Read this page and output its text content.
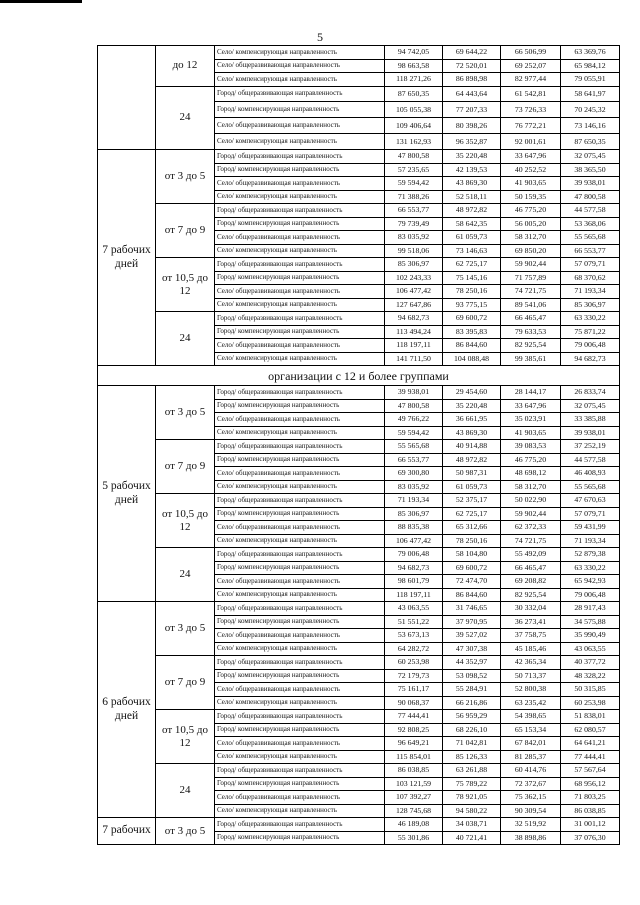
5
	до 12	Село/ компенсирующая направленность	94 742,05	69 644,22	66 506,99	63 369,76
		Село/ общеразвивающая направленность	98 663,58	72 520,01	69 252,07	65 984,12
		Село/ компенсирующая направленность	118 271,26	86 898,98	82 977,44	79 055,91
	24	Город/ общеразвивающая направленность	87 650,35	64 443,64	61 542,81	58 641,97
		Город/ компенсирующая направленность	105 055,38	77 207,33	73 726,33	70 245,32
		Село/ общеразвивающая направленность	109 406,64	80 398,26	76 772,21	73 146,16
		Село/ компенсирующая направленность	131 162,93	96 352,87	92 001,61	87 650,35
7 рабочих дней	от 3 до 5	Город/ общеразвивающая направленность	47 800,58	35 220,48	33 647,96	32 075,45
		Город/ компенсирующая направленность	57 235,65	42 139,53	40 252,52	38 365,50
		Село/ общеразвивающая направленность	59 594,42	43 869,30	41 903,65	39 938,01
		Село/ компенсирующая направленность	71 388,26	52 518,11	50 159,35	47 800,58
	от 7 до 9	Город/ общеразвивающая направленность	66 553,77	48 972,82	46 775,20	44 577,58
		Город/ компенсирующая направленность	79 739,49	58 642,35	56 005,20	53 368,06
		Село/ общеразвивающая направленность	83 035,92	61 059,73	58 312,70	55 565,68
		Село/ компенсирующая направленность	99 518,06	73 146,63	69 850,20	66 553,77
	от 10,5 до 12	Город/ общеразвивающая направленность	85 306,97	62 725,17	59 902,44	57 079,71
		Город/ компенсирующая направленность	102 243,33	75 145,16	71 757,89	68 370,62
		Село/ общеразвивающая направленность	106 477,42	78 250,16	74 721,75	71 193,34
		Село/ компенсирующая направленность	127 647,86	93 775,15	89 541,06	85 306,97
	24	Город/ общеразвивающая направленность	94 682,73	69 600,72	66 465,47	63 330,22
		Город/ компенсирующая направленность	113 494,24	83 395,83	79 633,53	75 871,22
		Село/ общеразвивающая направленность	118 197,11	86 844,60	82 925,54	79 006,48
		Село/ компенсирующая направленность	141 711,50	104 088,48	99 385,61	94 682,73
организации с 12 и более группами						
5 рабочих дней	от 3 до 5	Город/ общеразвивающая направленность	39 938,01	29 454,60	28 144,17	26 833,74
		Город/ компенсирующая направленность	47 800,58	35 220,48	33 647,96	32 075,45
		Село/ общеразвивающая направленность	49 766,22	36 661,95	35 023,91	33 385,88
		Село/ компенсирующая направленность	59 594,42	43 869,30	41 903,65	39 938,01
	от 7 до 9	Город/ общеразвивающая направленность	55 565,68	40 914,88	39 083,53	37 252,19
		Город/ компенсирующая направленность	66 553,77	48 972,82	46 775,20	44 577,58
		Село/ общеразвивающая направленность	69 300,80	50 987,31	48 698,12	46 408,93
		Село/ компенсирующая направленность	83 035,92	61 059,73	58 312,70	55 565,68
	от 10,5 до 12	Город/ общеразвивающая направленность	71 193,34	52 375,17	50 022,90	47 670,63
		Город/ компенсирующая направленность	85 306,97	62 725,17	59 902,44	57 079,71
		Село/ общеразвивающая направленность	88 835,38	65 312,66	62 372,33	59 431,99
		Село/ компенсирующая направленность	106 477,42	78 250,16	74 721,75	71 193,34
	24	Город/ общеразвивающая направленность	79 006,48	58 104,80	55 492,09	52 879,38
		Город/ компенсирующая направленность	94 682,73	69 600,72	66 465,47	63 330,22
		Село/ общеразвивающая направленность	98 601,79	72 474,70	69 208,82	65 942,93
		Село/ компенсирующая направленность	118 197,11	86 844,60	82 925,54	79 006,48
6 рабочих дней	от 3 до 5	Город/ общеразвивающая направленность	43 063,55	31 746,65	30 332,04	28 917,43
		Город/ компенсирующая направленность	51 551,22	37 970,95	36 273,41	34 575,88
		Село/ общеразвивающая направленность	53 673,13	39 527,02	37 758,75	35 990,49
		Село/ компенсирующая направленность	64 282,72	47 307,38	45 185,46	43 063,55
	от 7 до 9	Город/ общеразвивающая направленность	60 253,98	44 352,97	42 365,34	40 377,72
		Город/ компенсирующая направленность	72 179,73	53 098,52	50 713,37	48 328,22
		Село/ общеразвивающая направленность	75 161,17	55 284,91	52 800,38	50 315,85
		Село/ компенсирующая направленность	90 068,37	66 216,86	63 235,42	60 253,98
	от 10,5 до 12	Город/ общеразвивающая направленность	77 444,41	56 959,29	54 398,65	51 838,01
		Город/ компенсирующая направленность	92 808,25	68 226,10	65 153,34	62 080,57
		Село/ общеразвивающая направленность	96 649,21	71 042,81	67 842,01	64 641,21
		Село/ компенсирующая направленность	115 854,01	85 126,33	81 285,37	77 444,41
	24	Город/ общеразвивающая направленность	86 038,85	63 261,88	60 414,76	57 567,64
		Город/ компенсирующая направленность	103 121,59	75 789,22	72 372,67	68 956,12
		Село/ общеразвивающая направленность	107 392,27	78 921,05	75 362,15	71 803,25
		Село/ компенсирующая направленность	128 745,68	94 580,22	90 309,54	86 038,85
7 рабочих	от 3 до 5	Город/ общеразвивающая направленность	46 189,08	34 038,71	32 519,92	31 001,12
		Город/ компенсирующая направленность	55 301,86	40 721,41	38 898,86	37 076,30
